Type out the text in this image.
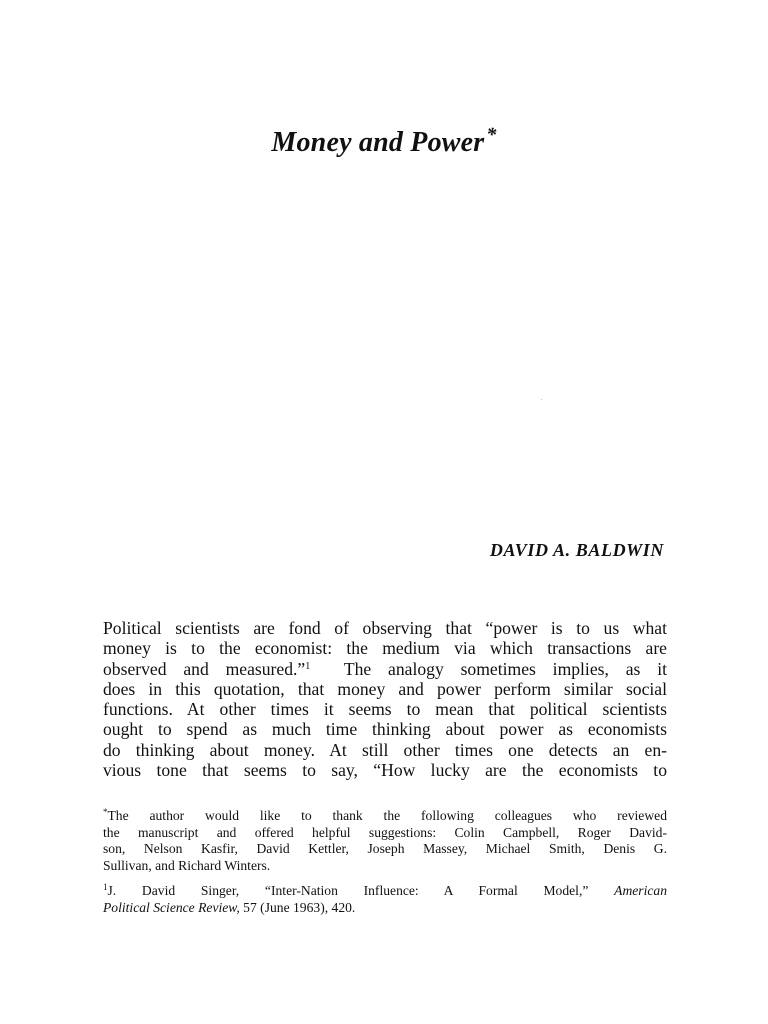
Money and Power *
DAVID A. BALDWIN
Political scientists are fond of observing that “power is to us what
money is to the economist: the medium via which transactions are
observed and measured.”$^1$ The analogy sometimes implies, as it
does in this quotation, that money and power perform similar social
functions. At other times it seems to mean that political scientists
ought to spend as much time thinking about power as economists
do thinking about money. At still other times one detects an en-
vious tone that seems to say, “How lucky are the economists to
*The author would like to thank the following colleagues who reviewed
the manuscript and offered helpful suggestions: Colin Campbell, Roger David-
son, Nelson Kasfir, David Kettler, Joseph Massey, Michael Smith, Denis G.
Sullivan, and Richard Winters.
$^1$J. David Singer, “Inter-Nation Influence: A Formal Model,” American
Political Science Review, 57 (June 1963), 420.
